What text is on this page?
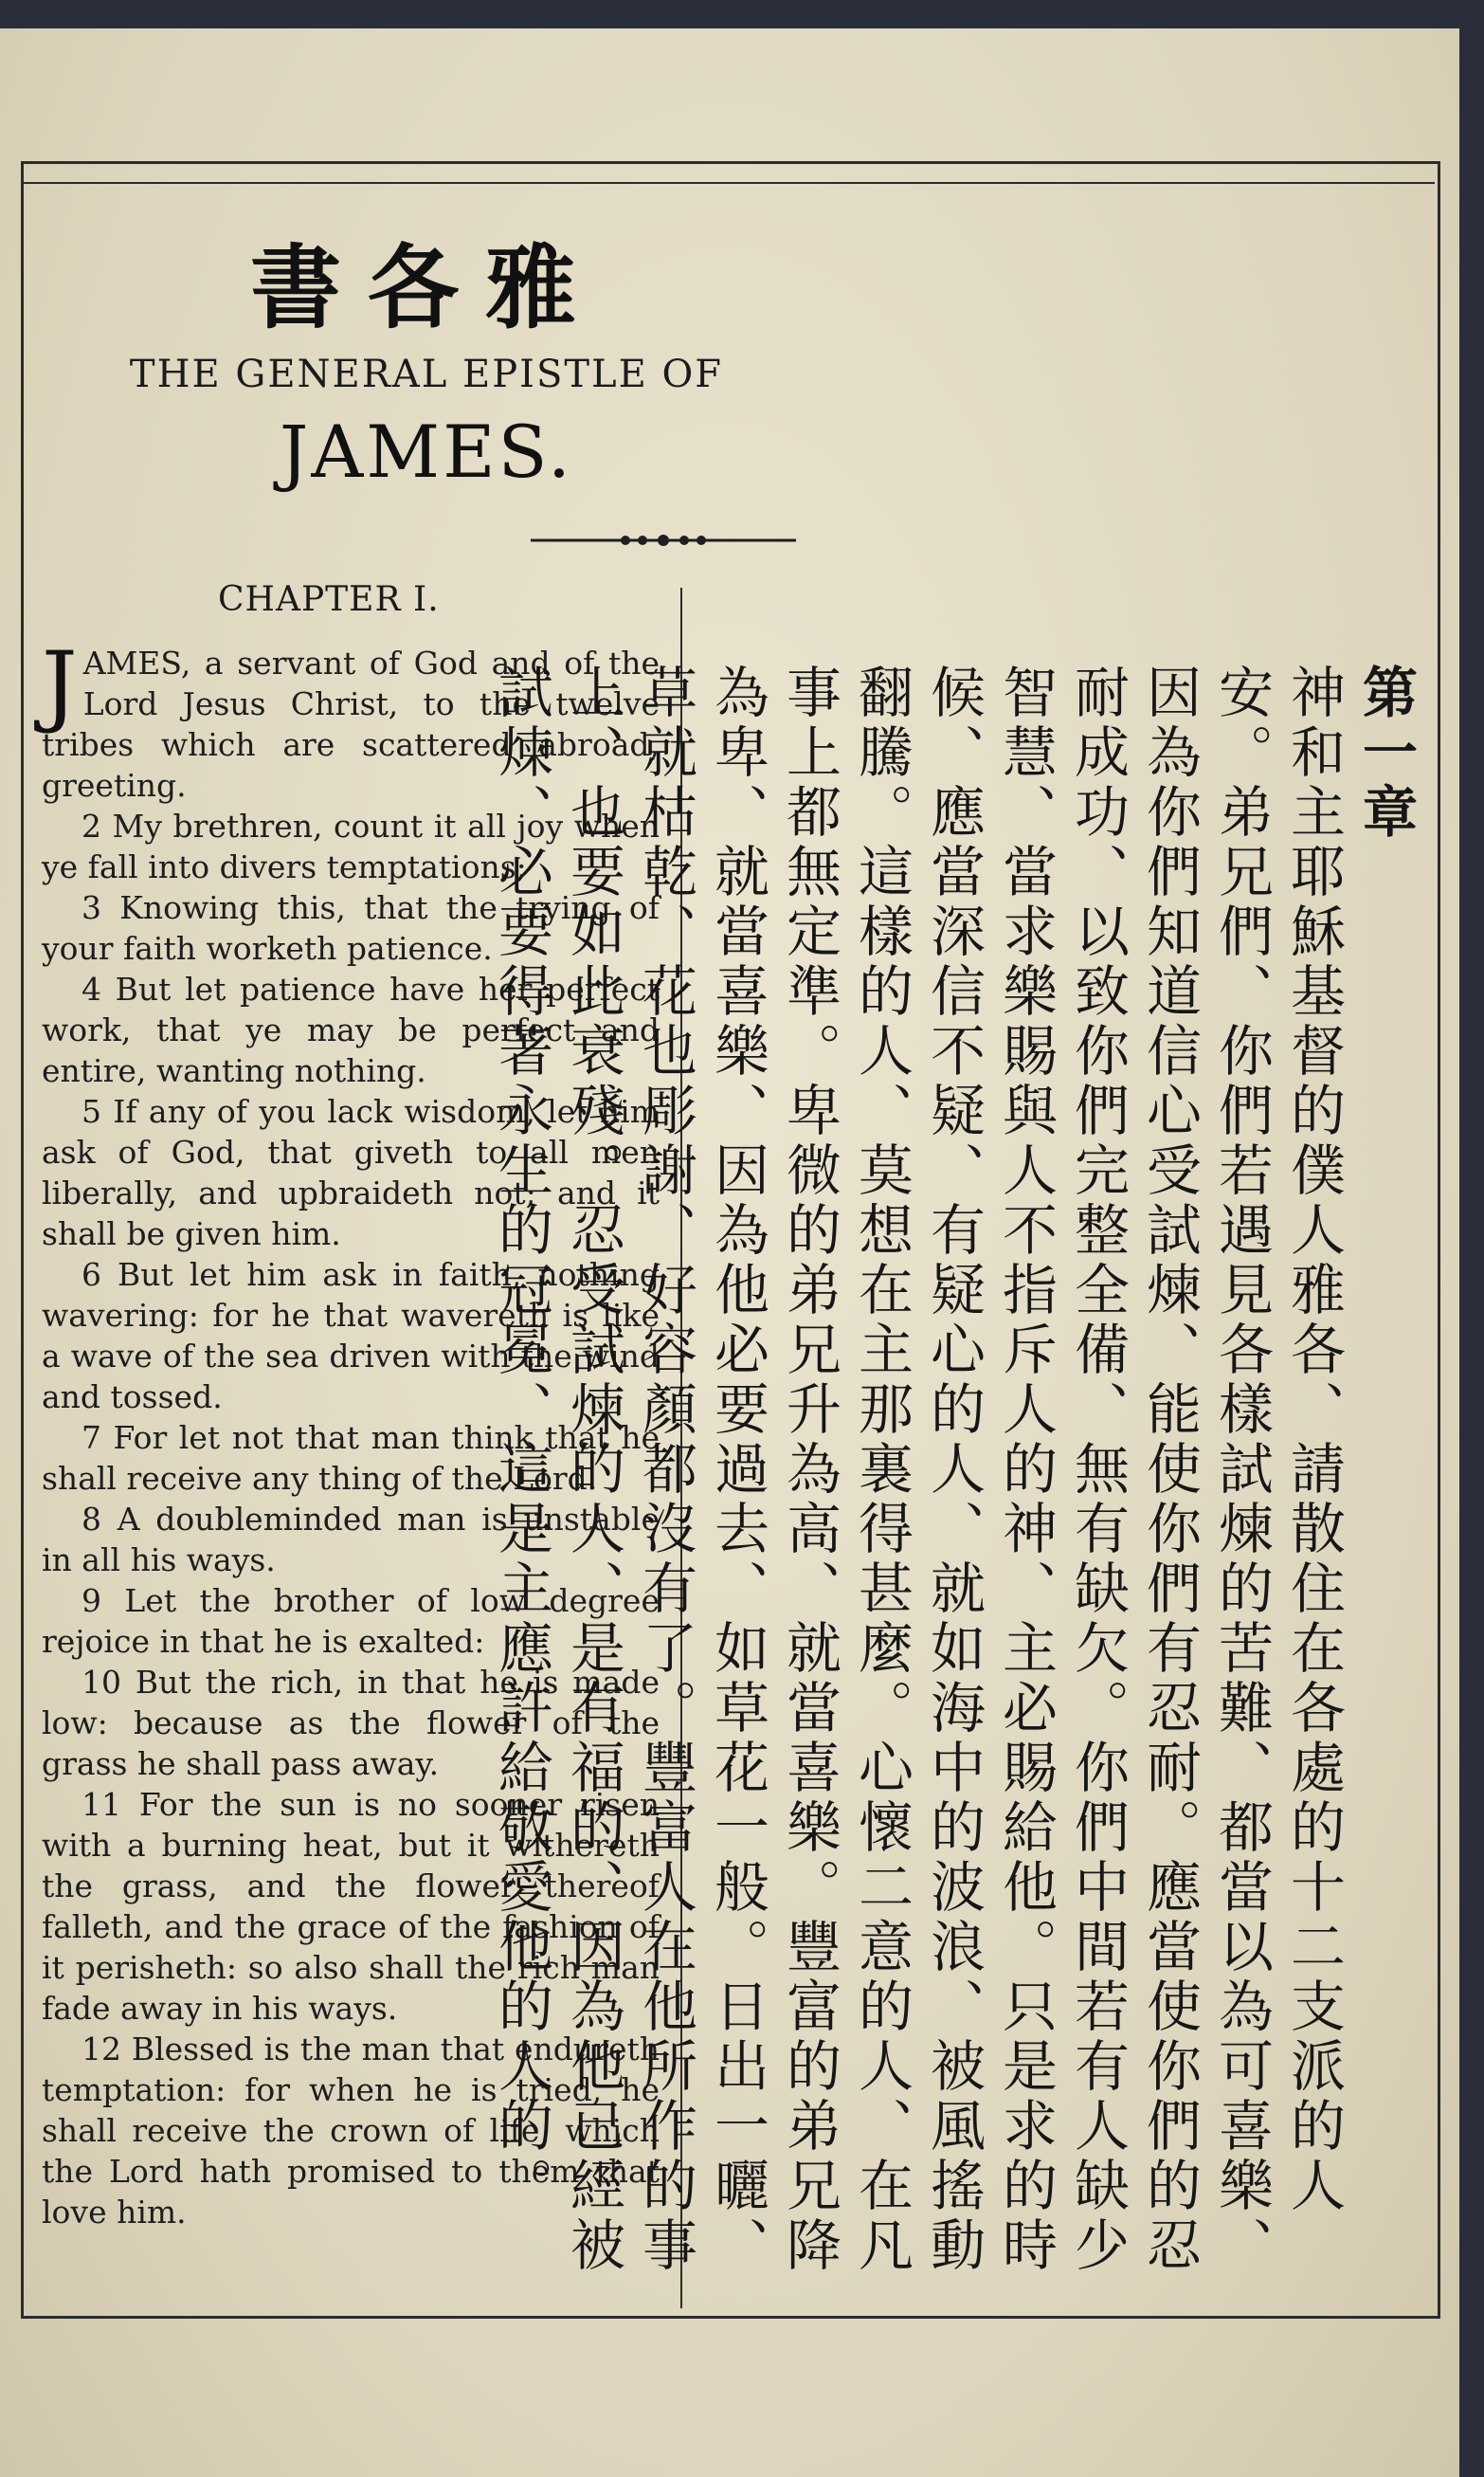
書各雅
THE GENERAL EPISTLE OF
JAMES.
CHAPTER I.

JAMES, a servant of God and of the Lord Jesus Christ, to the twelve tribes which are scattered abroad, greeting.

2 My brethren, count it all joy when ye fall into divers temptations;

3 Knowing this, that the trying of your faith worketh patience.

4 But let patience have her perfect work, that ye may be perfect and entire, wanting nothing.

5 If any of you lack wisdom, let him ask of God, that giveth to all men liberally, and upbraideth not; and it shall be given him.

6 But let him ask in faith, nothing wavering: for he that wavereth is like a wave of the sea driven with the wind and tossed.

7 For let not that man think that he shall receive any thing of the Lord.

8 A doubleminded man is unstable in all his ways.

9 Let the brother of low degree rejoice in that he is exalted:

10 But the rich, in that he is made low: because as the flower of the grass he shall pass away.

11 For the sun is no sooner risen with a burning heat, but it withereth the grass, and the flower thereof falleth, and the grace of the fashion of it perisheth: so also shall the rich man fade away in his ways.

12 Blessed is the man that endureth temptation: for when he is tried, he shall receive the crown of life, which the Lord hath promised to them that love him.

第一章
神和主耶穌基督的僕人雅各、請散住在各處的十二支派的人安。弟兄們、你們若遇見各樣試煉的苦難、都當以為可喜樂、因為你們知道信心受試煉、能使你們有忍耐。應當使你們的忍耐成功、以致你們完整全備、無有缺欠。你們中間若有人缺少智慧、當求樂賜與人不指斥人的神、主必賜給他。只是求的時候、應當深信不疑、有疑心的人、就如海中的波浪、被風搖動翻騰。這樣的人、莫想在主那裏得甚麼。心懷二意的人、在凡事上都無定準。卑微的弟兄升為高、就當喜樂。豐富的弟兄降為卑、就當喜樂、因為他必要過去、如草花一般。日出一曬、草就枯乾、花也彫謝、好容顏都沒有了。豐富人在他所作的事上、也要如此衰殘。忍受試煉的人、是有福的、因為他已經被試煉、必要得著永生的冠冕、這是主應許給敬愛他的人的。
